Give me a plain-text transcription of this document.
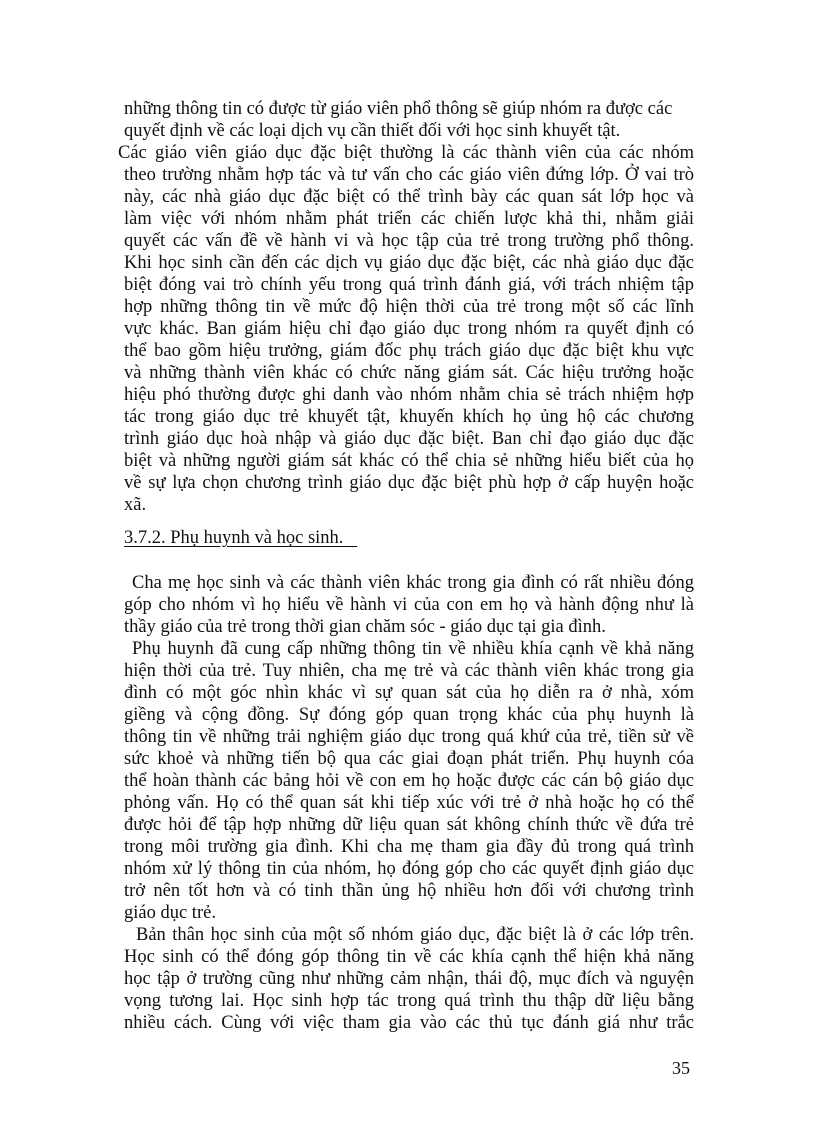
những thông tin có được từ giáo viên phổ thông sẽ giúp nhóm ra được các
quyết định về các loại dịch vụ cần thiết đối với học sinh khuyết tật.
Các giáo viên giáo dục đặc biệt thường là các thành viên của các nhóm
theo trường nhằm hợp tác và tư vấn cho các giáo viên đứng lớp. Ở vai trò
này, các nhà giáo dục đặc biệt có thể trình bày các quan sát lớp học và
làm việc với nhóm nhằm phát triển các chiến lược khả thi, nhằm giải
quyết các vấn đề về hành vi và học tập của trẻ trong trường phổ thông.
Khi học sinh cần đến các dịch vụ giáo dục đặc biệt, các nhà giáo dục đặc
biệt đóng vai trò chính yếu trong quá trình đánh giá, với trách nhiệm tập
hợp những thông tin về mức độ hiện thời của trẻ trong một số các lĩnh
vực khác. Ban giám hiệu chỉ đạo giáo dục trong nhóm ra quyết định có
thể bao gồm hiệu trưởng, giám đốc phụ trách giáo dục đặc biệt khu vực
và những thành viên khác có chức năng giám sát. Các hiệu trưởng hoặc
hiệu phó thường được ghi danh vào nhóm nhằm chia sẻ trách nhiệm hợp
tác trong giáo dục trẻ khuyết tật, khuyến khích họ ủng hộ các chương
trình giáo dục hoà nhập và giáo dục đặc biệt. Ban chỉ đạo giáo dục đặc
biệt và những người giám sát khác có thể chia sẻ những hiểu biết của họ
về sự lựa chọn chương trình giáo dục đặc biệt phù hợp ở cấp huyện hoặc
xã.
3.7.2. Phụ huynh và học sinh.
Cha mẹ học sinh và các thành viên khác trong gia đình có rất nhiều đóng
góp cho nhóm vì họ hiểu về hành vi của con em họ và hành động như là
thầy giáo của trẻ trong thời gian chăm sóc - giáo dục tại gia đình.
Phụ huynh đã cung cấp những thông tin về nhiều khía cạnh về khả năng
hiện thời của trẻ. Tuy nhiên, cha mẹ trẻ và các thành viên khác trong gia
đình có một góc nhìn khác vì sự quan sát của họ diễn ra ở nhà, xóm
giềng và cộng đồng. Sự đóng góp quan trọng khác của phụ huynh là
thông tin về những trải nghiệm giáo dục trong quá khứ của trẻ, tiền sử về
sức khoẻ và những tiến bộ qua các giai đoạn phát triển. Phụ huynh cóa
thể hoàn thành các bảng hỏi về con em họ hoặc được các cán bộ giáo dục
phỏng vấn. Họ có thể quan sát khi tiếp xúc với trẻ ở nhà hoặc họ có thể
được hỏi để tập hợp những dữ liệu quan sát không chính thức về đứa trẻ
trong môi trường gia đình. Khi cha mẹ tham gia đầy đủ trong quá trình
nhóm xử lý thông tin của nhóm, họ đóng góp cho các quyết định giáo dục
trở nên tốt hơn và có tinh thần ủng hộ nhiều hơn đối với chương trình
giáo dục trẻ.
Bản thân học sinh của một số nhóm giáo dục, đặc biệt là ở các lớp trên.
Học sinh có thể đóng góp thông tin về các khía cạnh thể hiện khả năng
học tập ở trường cũng như những cảm nhận, thái độ, mục đích và nguyện
vọng tương lai. Học sinh hợp tác trong quá trình thu thập dữ liệu bằng
nhiều cách. Cùng với việc tham gia vào các thủ tục đánh giá như trắc
35
